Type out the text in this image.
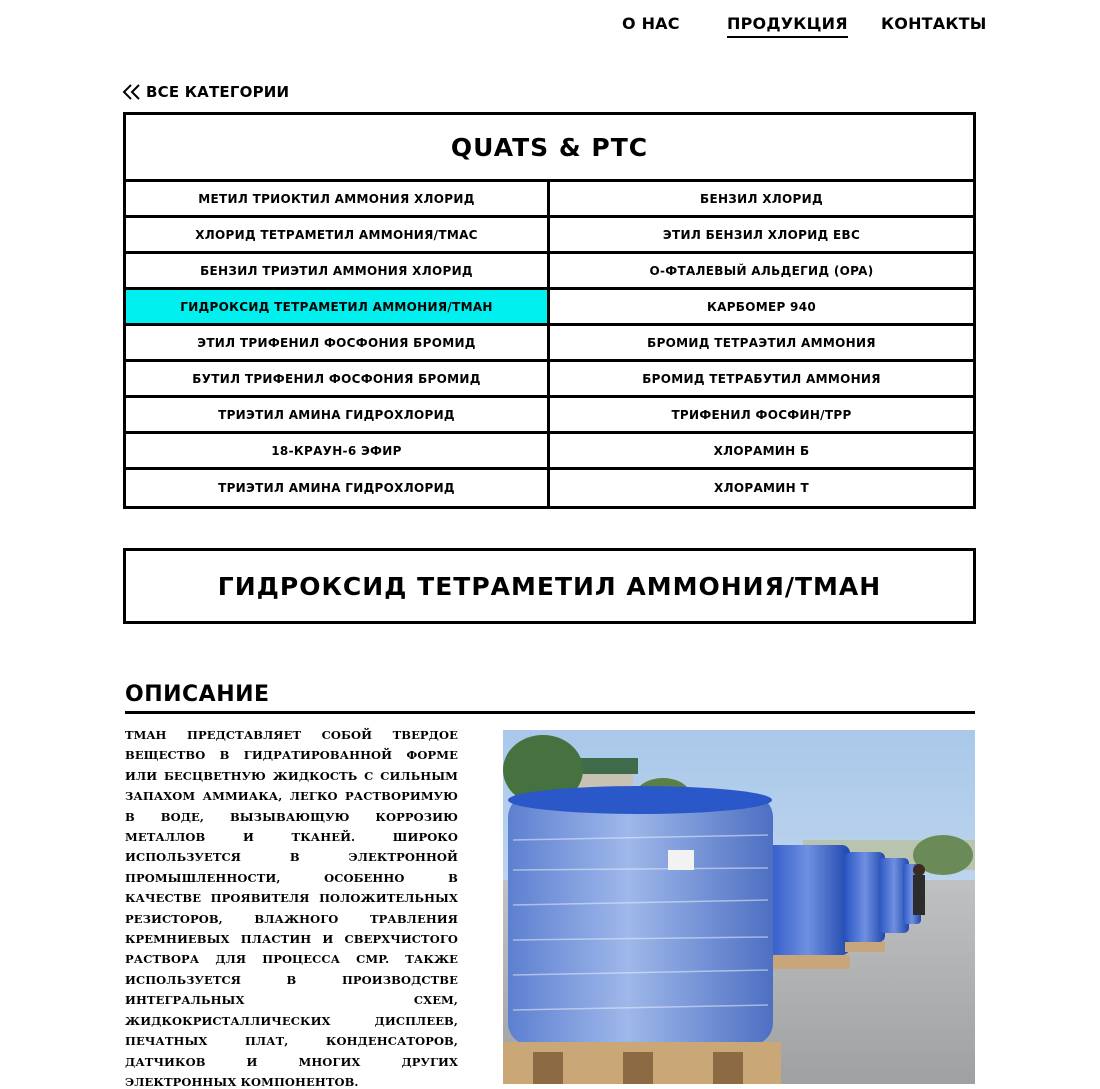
О НАС	ПРОДУКЦИЯ КОНТАКТЫ
ВСЕ КАТЕГОРИИ
QUATS & PTC
МЕТИЛ ТРИОКТИЛ АММОНИЯ ХЛОРИД	БЕНЗИЛ ХЛОРИД
ХЛОРИД ТЕТРАМЕТИЛ АММОНИЯ/TMAC	ЭТИЛ БЕНЗИЛ ХЛОРИД EBC
БЕНЗИЛ ТРИЭТИЛ АММОНИЯ ХЛОРИД	О-ФТАЛЕВЫЙ АЛЬДЕГИД (OPA)
ГИДРОКСИД ТЕТРАМЕТИЛ АММОНИЯ/TMAH	КАРБОМЕР 940
ЭТИЛ ТРИФЕНИЛ ФОСФОНИЯ БРОМИД	БРОМИД ТЕТРАЭТИЛ АММОНИЯ
БУТИЛ ТРИФЕНИЛ ФОСФОНИЯ БРОМИД	БРОМИД ТЕТРАБУТИЛ АММОНИЯ
ТРИЭТИЛ АМИНА ГИДРОХЛОРИД	ТРИФЕНИЛ ФОСФИН/TPP
18-КРАУН-6 ЭФИР	ХЛОРАМИН Б
ТРИЭТИЛ АМИНА ГИДРОХЛОРИД	ХЛОРАМИН Т
ГИДРОКСИД ТЕТРАМЕТИЛ АММОНИЯ/TMAH
ОПИСАНИЕ

TMAH ПРЕДСТАВЛЯЕТ СОБОЙ ТВЕРДОЕ ВЕЩЕСТВО В ГИДРАТИРОВАННОЙ ФОРМЕ ИЛИ БЕСЦВЕТНУЮ ЖИДКОСТЬ С СИЛЬНЫМ ЗАПАХОМ АММИАКА, ЛЕГКО РАСТВОРИМУЮ В ВОДЕ, ВЫЗЫВАЮЩУЮ КОРРОЗИЮ МЕТАЛЛОВ И ТКАНЕЙ. ШИРОКО ИСПОЛЬЗУЕТСЯ В ЭЛЕКТРОННОЙ ПРОМЫШЛЕННОСТИ, ОСОБЕННО В КАЧЕСТВЕ ПРОЯВИТЕЛЯ ПОЛОЖИТЕЛЬНЫХ РЕЗИСТОРОВ, ВЛАЖНОГО ТРАВЛЕНИЯ КРЕМНИЕВЫХ ПЛАСТИН И СВЕРХЧИСТОГО РАСТВОРА ДЛЯ ПРОЦЕССА CMP. ТАКЖЕ ИСПОЛЬЗУЕТСЯ В ПРОИЗВОДСТВЕ ИНТЕГРАЛЬНЫХ СХЕМ, ЖИДКОКРИСТАЛЛИЧЕСКИХ ДИСПЛЕЕВ, ПЕЧАТНЫХ ПЛАТ, КОНДЕНСАТОРОВ, ДАТЧИКОВ И МНОГИХ ДРУГИХ ЭЛЕКТРОННЫХ КОМПОНЕНТОВ.
